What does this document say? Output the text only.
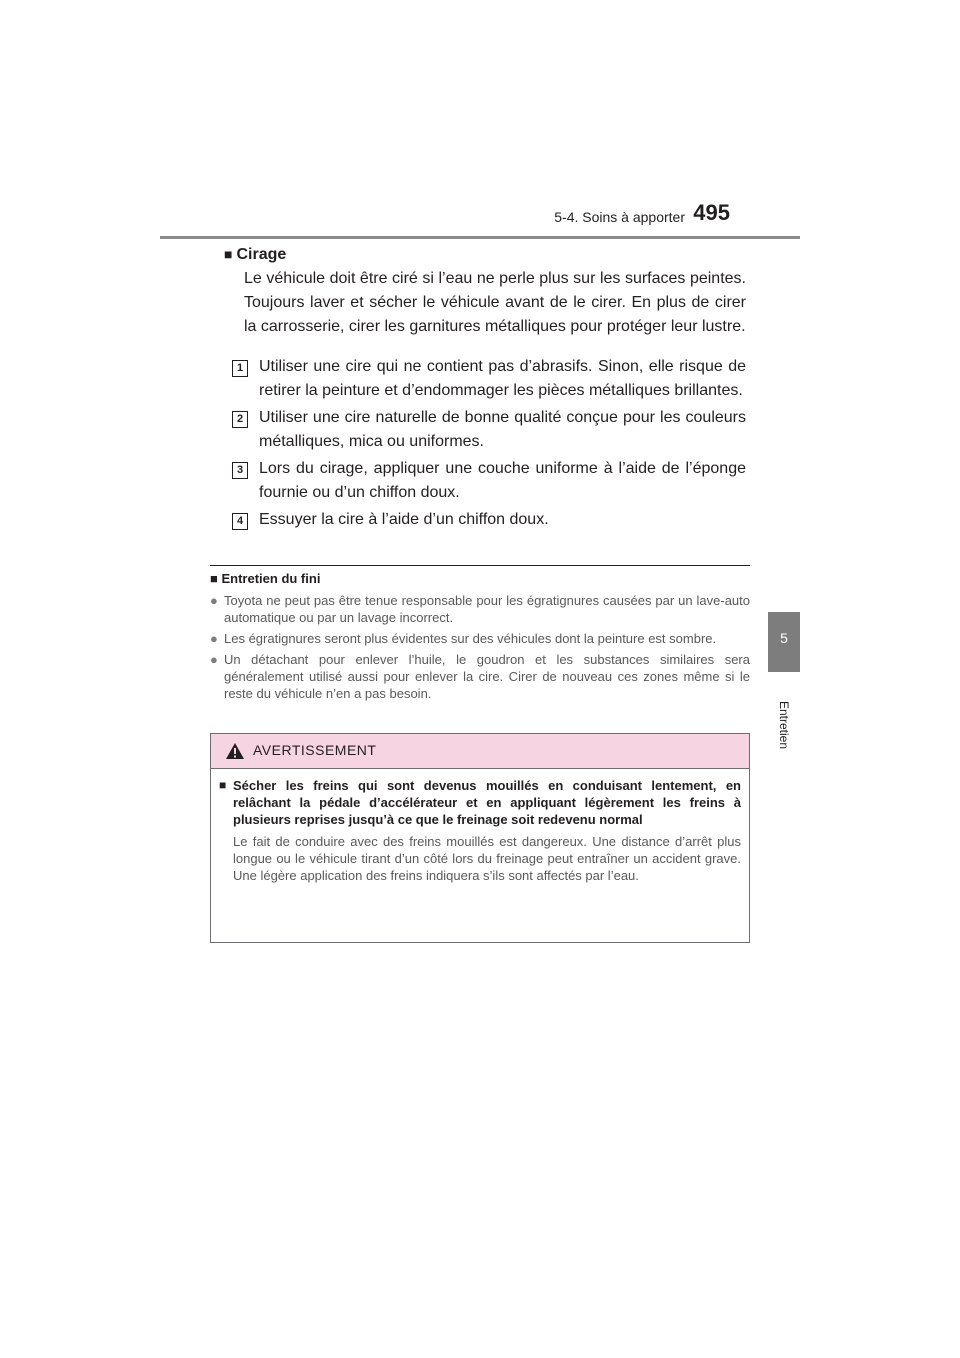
5-4. Soins à apporter 495
5
Entretien
■ Cirage

Le véhicule doit être ciré si l’eau ne perle plus sur les surfaces peintes. Toujours laver et sécher le véhicule avant de le cirer. En plus de cirer la carrosserie, cirer les garnitures métalliques pour protéger leur lustre.

1 Utiliser une cire qui ne contient pas d’abrasifs. Sinon, elle risque de retirer la peinture et d’endommager les pièces métalliques brillantes.
2 Utiliser une cire naturelle de bonne qualité conçue pour les couleurs métalliques, mica ou uniformes.
3 Lors du cirage, appliquer une couche uniforme à l’aide de l’éponge fournie ou d’un chiffon doux.
4 Essuyer la cire à l’aide d’un chiffon doux.
■ Entretien du fini
● Toyota ne peut pas être tenue responsable pour les égratignures causées par un lave-auto automatique ou par un lavage incorrect.
● Les égratignures seront plus évidentes sur des véhicules dont la peinture est sombre.
● Un détachant pour enlever l’huile, le goudron et les substances similaires sera généralement utilisé aussi pour enlever la cire. Cirer de nouveau ces zones même si le reste du véhicule n’en a pas besoin.
AVERTISSEMENT
■ Sécher les freins qui sont devenus mouillés en conduisant lentement, en relâchant la pédale d’accélérateur et en appliquant légèrement les freins à plusieurs reprises jusqu’à ce que le freinage soit redevenu normal
Le fait de conduire avec des freins mouillés est dangereux. Une distance d’arrêt plus longue ou le véhicule tirant d’un côté lors du freinage peut entraîner un accident grave. Une légère application des freins indiquera s’ils sont affectés par l’eau.
